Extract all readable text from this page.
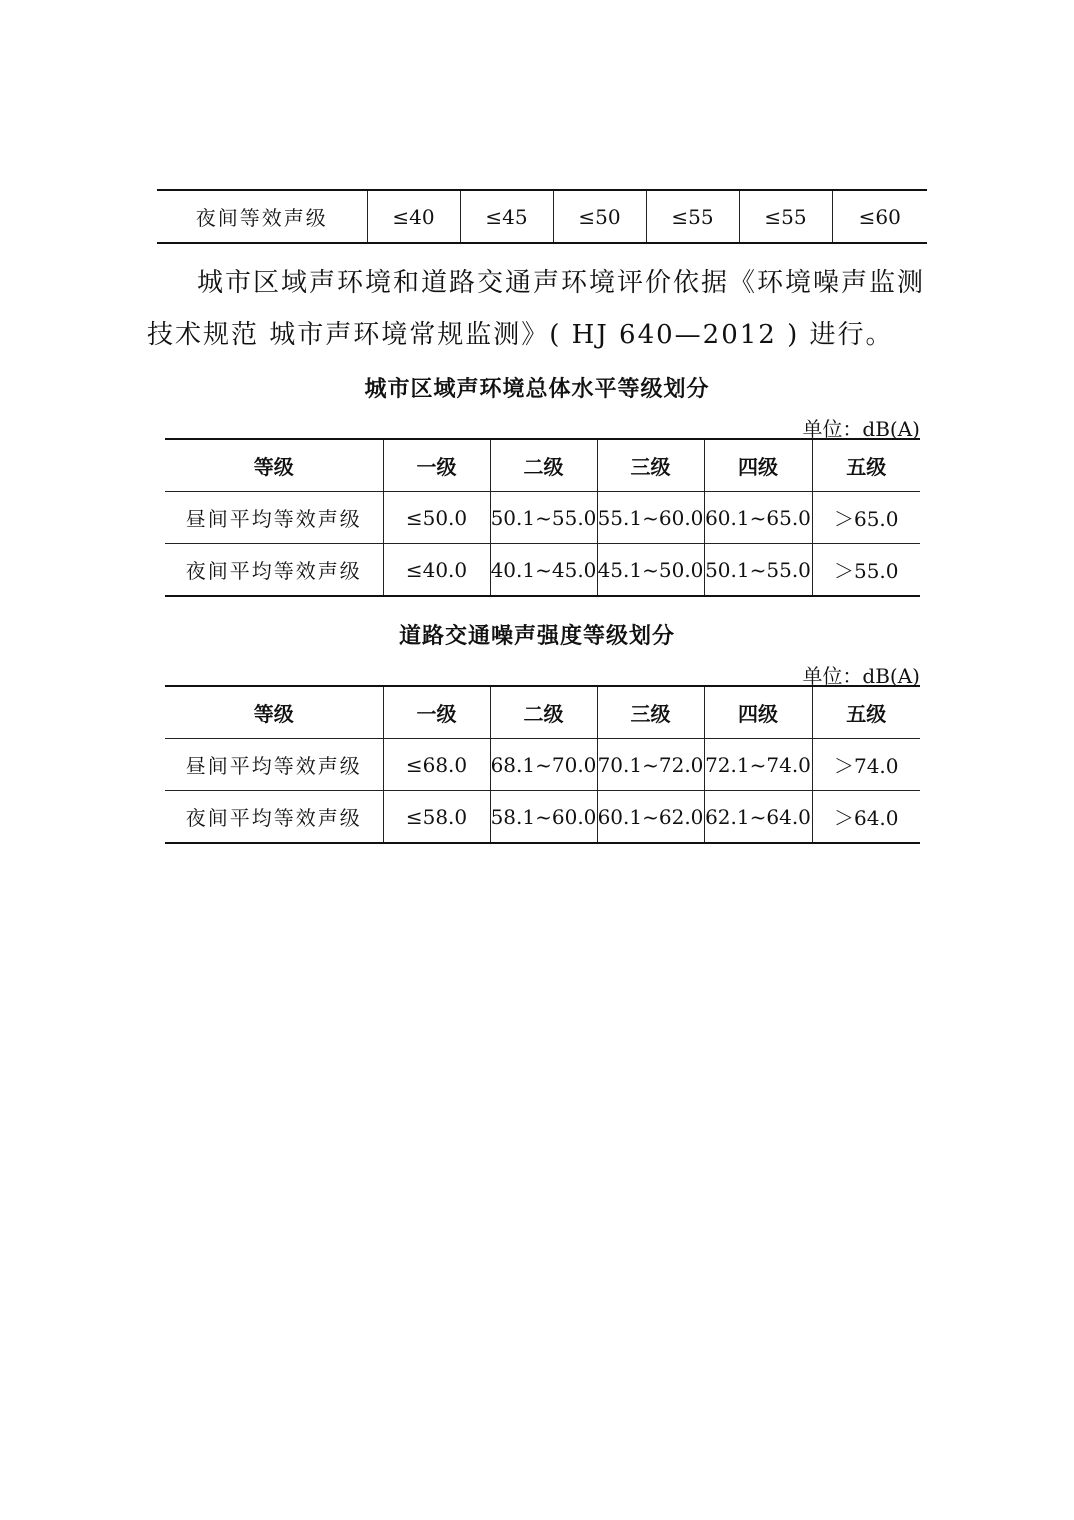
夜间等效声级	≤40	≤45	≤50	≤55	≤55	≤60
城市区域声环境和道路交通声环境评价依据《环境噪声监测
技术规范 城市声环境常规监测》( HJ 640—2012 ) 进行。
城市区域声环境总体水平等级划分
单位：dB(A)
等级	一级	二级	三级	四级	五级
昼间平均等效声级	≤50.0	50.1~55.0	55.1~60.0	60.1~65.0	＞65.0
夜间平均等效声级	≤40.0	40.1~45.0	45.1~50.0	50.1~55.0	＞55.0
道路交通噪声强度等级划分
单位：dB(A)
等级	一级	二级	三级	四级	五级
昼间平均等效声级	≤68.0	68.1~70.0	70.1~72.0	72.1~74.0	＞74.0
夜间平均等效声级	≤58.0	58.1~60.0	60.1~62.0	62.1~64.0	＞64.0
